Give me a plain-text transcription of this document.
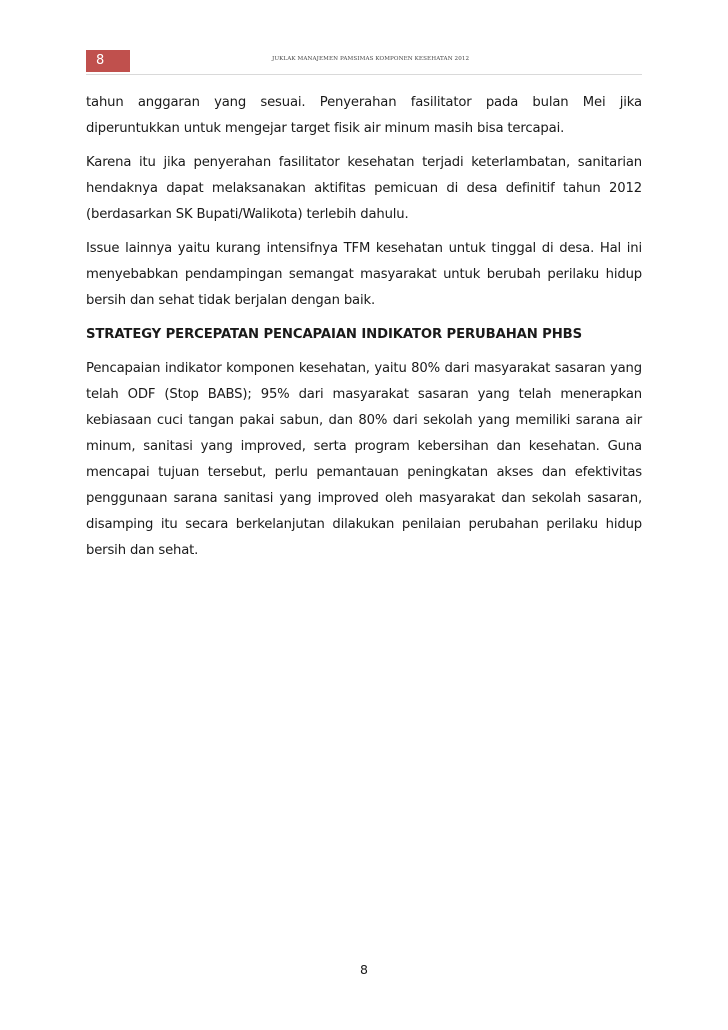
8	JUKLAK MANAJEMEN PAMSIMAS KOMPONEN KESEHATAN 2012

tahun anggaran yang sesuai. Penyerahan fasilitator pada bulan Mei jika diperuntukkan untuk mengejar target fisik air minum masih bisa tercapai.

Karena itu jika penyerahan fasilitator kesehatan terjadi keterlambatan, sanitarian hendaknya dapat melaksanakan aktifitas pemicuan di desa definitif tahun 2012 (berdasarkan SK Bupati/Walikota) terlebih dahulu.

Issue lainnya yaitu kurang intensifnya TFM kesehatan untuk tinggal di desa. Hal ini menyebabkan pendampingan semangat masyarakat untuk berubah perilaku hidup bersih dan sehat tidak berjalan dengan baik.

STRATEGY PERCEPATAN PENCAPAIAN INDIKATOR PERUBAHAN PHBS

Pencapaian indikator komponen kesehatan, yaitu 80% dari masyarakat sasaran yang telah ODF (Stop BABS); 95% dari masyarakat sasaran yang telah menerapkan kebiasaan cuci tangan pakai sabun, dan 80% dari sekolah yang memiliki sarana air minum, sanitasi yang improved, serta program kebersihan dan kesehatan. Guna mencapai tujuan tersebut, perlu pemantauan peningkatan akses dan efektivitas penggunaan sarana sanitasi yang improved oleh masyarakat dan sekolah sasaran, disamping itu secara berkelanjutan dilakukan penilaian perubahan perilaku hidup bersih dan sehat.

8
